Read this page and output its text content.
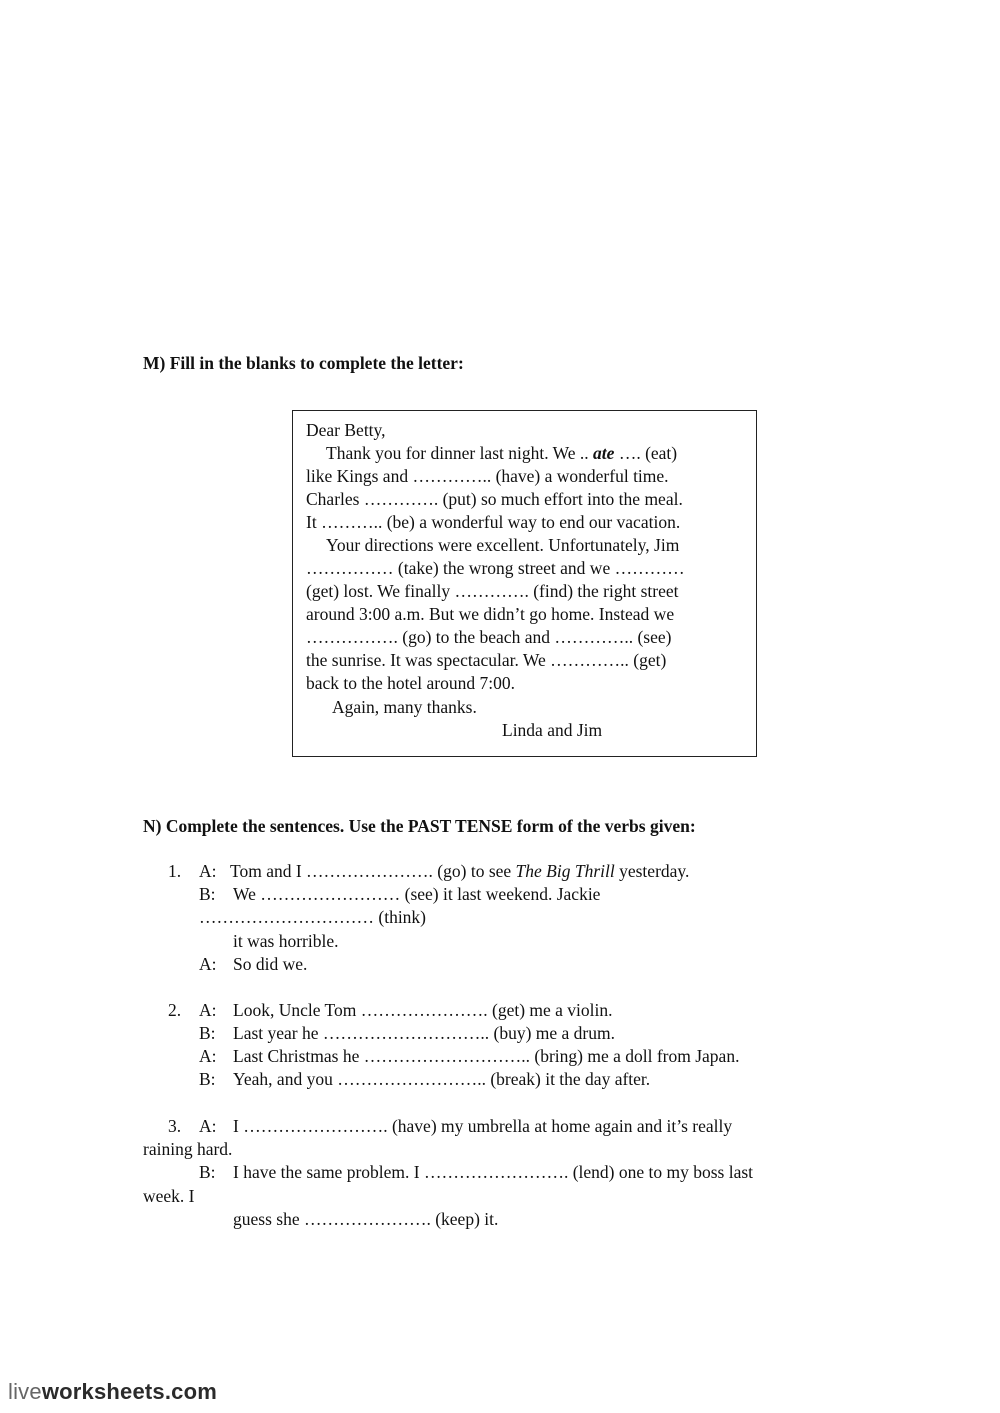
M) Fill in the blanks to complete the letter:
Dear Betty,
Thank you for dinner last night. We .. ate …. (eat)
like Kings and ………….. (have) a wonderful time.
Charles …………. (put) so much effort into the meal.
It ……….. (be) a wonderful way to end our vacation.
Your directions were excellent. Unfortunately, Jim
…………… (take) the wrong street and we …………
(get) lost. We finally …………. (find) the right street
around 3:00 a.m. But we didn’t go home. Instead we
……………. (go) to the beach and ………….. (see)
the sunrise. It was spectacular. We ………….. (get)
back to the hotel around 7:00.
Again, many thanks.
Linda and Jim
N) Complete the sentences. Use the PAST TENSE form of the verbs given:
1. A: Tom and I …………………. (go) to see The Big Thrill yesterday.
B: We …………………… (see) it last weekend. Jackie
………………………… (think)
it was horrible.
A: So did we.
2. A: Look, Uncle Tom …………………. (get) me a violin.
B: Last year he ……………………….. (buy) me a drum.
A: Last Christmas he ……………………….. (bring) me a doll from Japan.
B: Yeah, and you …………………….. (break) it the day after.
3. A: I ……………………. (have) my umbrella at home again and it’s really
raining hard.
B: I have the same problem. I ……………………. (lend) one to my boss last
week. I
guess she …………………. (keep) it.
liveworksheets.com
